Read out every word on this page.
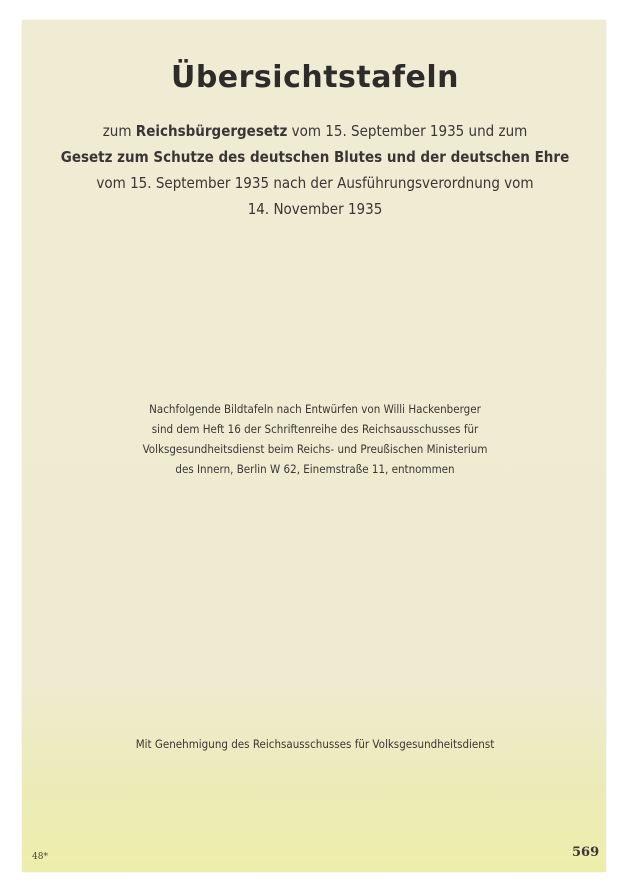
Übersichtstafeln
zum Reichsbürgergesetz vom 15. September 1935 und zum
Gesetz zum Schutze des deutschen Blutes und der deutschen Ehre
vom 15. September 1935 nach der Ausführungsverordnung vom
14. November 1935
Nachfolgende Bildtafeln nach Entwürfen von Willi Hackenberger
sind dem Heft 16 der Schriftenreihe des Reichsausschusses für
Volksgesundheitsdienst beim Reichs- und Preußischen Ministerium
des Innern, Berlin W 62, Einemstraße 11, entnommen
Mit Genehmigung des Reichsausschusses für Volksgesundheitsdienst
48*	569
